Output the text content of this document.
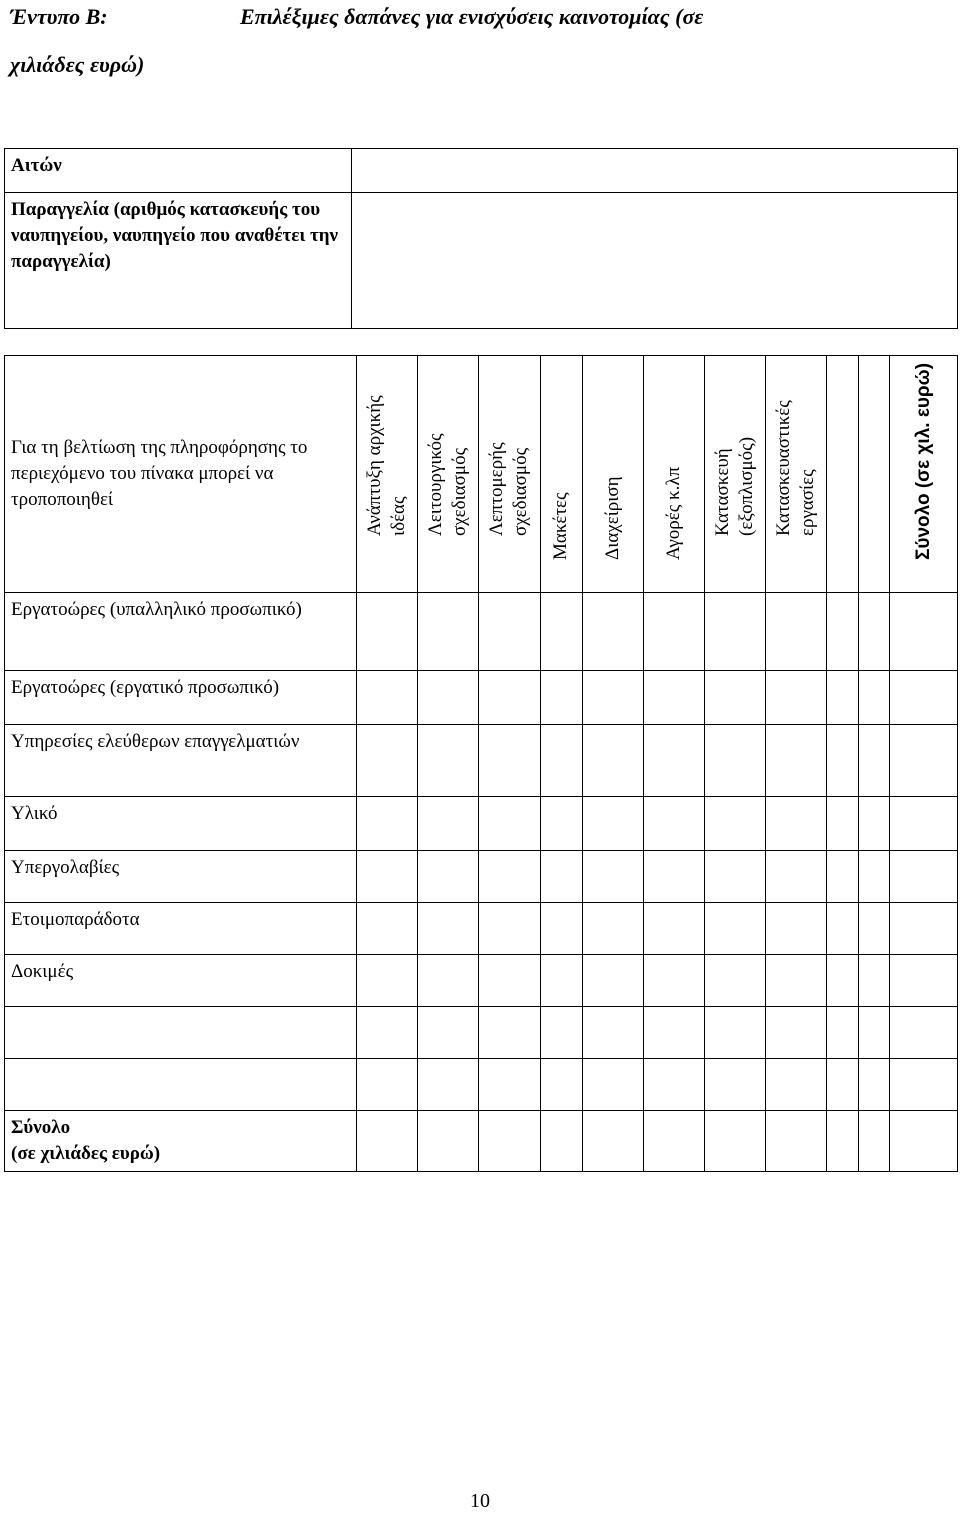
Έντυπο Β:	Επιλέξιμες δαπάνες για ενισχύσεις καινοτομίας (σε
χιλιάδες ευρώ)
Αιτών	
Παραγγελία (αριθμός κατασκευής του ναυπηγείου, ναυπηγείο που αναθέτει την παραγγελία)	
Για τη βελτίωση της πληροφόρησης το περιεχόμενο του πίνακα μπορεί να τροποποιηθεί	Ανάπτυξη αρχικής ιδέας	Λειτουργικός σχεδιασμός	Λεπτομερής σχεδιασμός	Μακέτες	Διαχείριση	Αγορές κ.λπ	Κατασκευή (εξοπλισμός)	Κατασκευαστικές εργασίες			Σύνολο (σε χιλ. ευρώ)

Εργατοώρες (υπαλληλικό προσωπικό)											
Εργατοώρες (εργατικό προσωπικό)											
Υπηρεσίες ελεύθερων επαγγελματιών											
Υλικό											
Υπεργολαβίες											
Ετοιμοπαράδοτα											
Δοκιμές											

Σύνολο
(σε χιλιάδες ευρώ)											

10
